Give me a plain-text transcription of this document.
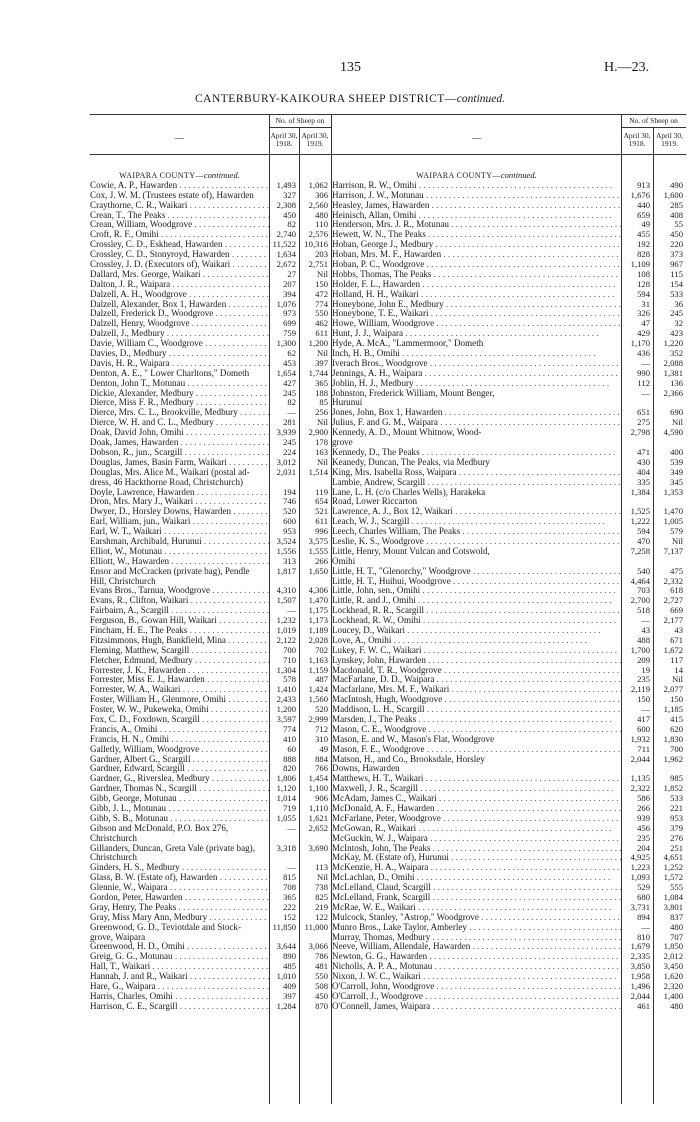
135	H.—23.
CANTERBURY-KAIKOURA SHEEP DISTRICT—continued.
—
No. of Sheep on
April 30,
1918.
April 30,
1919.
—
No. of Sheep on
April 30,
1918.
April 30,
1919.
WAIPARA COUNTY—continued.
Cowie, A. P., Hawarden . . .	1,493	1,062
Cox, J. W. M. (Trustees estate of), Hawarden	327	306
Craythorne, C. R., Waikari . . .	2,308	2,560
Crean, T., The Peaks . . .	450	480
Crean, William, Woodgrove . . .	82	110
Croft, R. F., Omihi . . .	2,740	2,576
Crossley, C. D., Eskhead, Hawarden . . .	11,522 10,316
Crossley, C. D., Stonyroyd, Hawarden . . .	1,634	203
Crossley, J. D. (Executors of), Waikari . . .	2,672	2,751
Dallard, Mrs. George, Waikari . . .	27	Nil
Dalton, J. R., Waipara . . .	207	150
Dalzell, A. H., Woodgrove . . .	394	472
Dalzell, Alexander, Box 1, Hawarden . . .	1,076	774
Dalzell, Frederick D., Woodgrove . . .	973	550
Dalzell, Henry, Woodgrove . . .	699	462
Dalzell, J., Medbury . . .	759	611
Davie, William C., Woodgrove . . .	1,300	1,200
Davies, D., Medbury . . .	62	Nil
Davis, H. R., Waipara . . .	453	397
Denton, A. E., " Lower Charltons," Dometh	1,654	1,744
Denton, John T., Motunau . . .	427	365
Dickie, Alexander, Medbury . . .	245	188
Dierce, Miss F. R., Medbury . . .	82	85
Dierce, Mrs. C. L., Brookville, Medbury . . .	—	256
Dierce, W. H. and C. L., Medbury . . .	281	Nil
Doak, David John, Omihi . . .	3,939	2,900
Doak, James, Hawarden . . .	245	178
Dobson, R., jun., Scargill . . .	224	163
Douglas, James, Basin Farm, Waikari . . .	3,012	Nil
Douglas, Mrs. Alice M., Waikari (postal ad-	2,031	1,514
dress, 46 Hackthorne Road, Christchurch)
Doyle, Lawrence, Hawarden . . .	194	119
Dron, Mrs. Mary J., Waikari . . .	746	654
Dwyer, D., Horsley Downs, Hawarden . . .	520	521
Earl, William, jun., Waikari . . .	600	611
Earl, W. T., Waikari . . .	953	996
Earshman, Archibald, Hurunui . . .	3,524	3,575
Elliot, W., Motunau . . .	1,556	1,555
Elliott, W., Hawarden . . .	313	266
Ensor and McCracken (private bag), Pendle	1,817	1,650
Hill, Christchurch
Evans Bros., Tarnua, Woodgrove . . .	4,310	4,306
Evans, R., Clifton, Waikari . . .	1,507	1,470
Fairbairn, A., Scargill . . .	—	1,175
Ferguson, B., Gowan Hill, Waikari . . .	1,232	1,173
Fincham, H. E., The Peaks . . .	1,019	1,189
Fitzsimmons, Hugh, Bankfield, Mina . . .	2,122	2,028
Fleming, Matthew, Scargill . . .	700	702
Fletcher, Edmund, Medbury . . .	710	1,163
Forrester, J. K., Hawarden . . .	1,304	1,159
Forrester, Miss E. J., Hawarden . . .	578	487
Forrester, W. A., Waikari . . .	1,410	1,424
Foster, William H., Glenmore, Omihi . . .	2,433	1,560
Foster, W. W., Pukeweka, Omihi . . .	1,200	520
Fox, C. D., Foxdown, Scargill . . .	3,597	2,999
Francis, A., Omihi . . .	774	712
Francis, H. N., Omihi . . .	410	310
Galletly, William, Woodgrove . . .	60	49
Gardner, Albert G., Scargill . . .	888	884
Gardner, Edward, Scargill . . .	820	766
Gardner, G., Riverslea, Medbury . . .	1,806	1,454
Gardner, Thomas N., Scargill . . .	1,120	1,100
Gibb, George, Motunau . . .	1,014	906
Gibb, J. L., Motunau . . .	719	1,110
Gibb, S. B., Motunau . . .	1,055	1,621
Gibson and McDonald, P.O. Box 276,	—	2,652
Christchurch
Gillanders, Duncan, Greta Vale (private bag),	3,318	3,690
Christchurch
Ginders, H. S., Medbury . . .	—	113
Glass, B. W. (Estate of), Hawarden . . .	815	Nil
Glennie, W., Waipara . . .	708	738
Gordon, Peter, Hawarden . . .	365	825
Gray, Henry, The Peaks . . .	222	219
Gray, Miss Mary Ann, Medbury . . .	152	122
Greenwood, G. D., Teviotdale and Stock-	11,850	11,000
grove, Waipara
Greenwood, H. D., Omihi . . .	3,644	3,066
Greig, G. G., Motunau . . .	890	786
Hall, T., Waikari . . .	485	481
Hannah, J. and R., Waikari . . .	1,010	550
Hare, G., Waipara . . .	409	508
Harris, Charles, Omihi . . .	397	450
Harrison, C. E., Scargill . . .	1,284	870
WAIPARA COUNTY—continued.
Harrison, R. W., Omihi . . .	913	490
Harrison, J. W., Motunau . . .	1,676	1,600
Heasley, James, Hawarden . . .	440	285
Heinisch, Allan, Omihi . . .	659	408
Henderson, Mrs. J. R., Motunau . . .	49	55
Hewett, W. N., The Peaks . . .	455	450
Hoban, George J., Medbury . . .	192	220
Hoban, Mrs. M. F., Hawarden . . .	828	373
Hoban, P. C., Woodgrove . . .	1,109	967
Hobbs, Thomas, The Peaks . . .	108	115
Holder, F. L., Hawarden . . .	128	154
Holland, H. H., Waikari . . .	594	533
Honeybone, John E., Medbury . . .	31	36
Honeybone, T. E., Waikari . . .	326	245
Howe, William, Woodgrove . . .	47	32
Hunt, J. J., Waipara . . .	429	423
Hyde, A. McA., "Lammermoor," Dometh	1,170	1,220
Inch, H. B., Omihi . . .	436	352
Iverach Bros., Woodgrove . . .	—	2,088
Jennings, A. H., Waipara . . .	990	1,381
Joblin, H. J., Medbury . . .	112	136
Johnston, Frederick William, Mount Benger,	—	2,366
Hurunui
Jones, John, Box 1, Hawarden . . .	651	690
Julius, F. and G. M., Waipara . . .	275	Nil
Kennedy, A. D., Mount Whitnow, Wood-	2,798	4,590
grove
Kennedy, D., The Peaks . . .	471	400
Keanedy, Duncan, The Peaks, via Medbury	430	539
King, Mrs. Isabella Ross, Waipara . . .	404	349
Lambie, Andrew, Scargill . . .	335	345
Lane, L. H. (c/o Charles Wells), Harakeka	1,384	1,353
Road, Lower Riccarton
Lawrence, A. J., Box 12, Waikari . . .	1,525	1,470
Leach, W. J., Scargill . . .	1,222	1,005
Leech, Charles William, The Peaks . . .	594	579
Leslie, K. S., Woodgrove . . .	470	Nil
Little, Henry, Mount Vulcan and Cotswold,	7,258	7,137
Omihi
Little, H. T., "Glenorchy," Woodgrove . . .	540	475
Little, H. T., Huihui, Woodgrove . . .	4,464	2,332
Little, John, sen., Omihi . . .	703	618
Little, R. and J., Omihi . . .	2,700	2,727
Lockhead, R. R., Scargill . . .	518	669
Lockhead, R. W., Omihi . . .	—	2,177
Loucey, D., Waikari . . .	43	43
Love, A., Omihi . . .	488	671
Lukey, F. W. C., Waikari . . .	1,700	1,672
Lynskey, John, Hawarden . . .	209	117
Macdonald, T. R., Woodgrove . . .	19	14
MacFarlane, D. D., Waipara . . .	235	Nil
Macfarlane, Mrs. M. F., Waikari . . .	2,119	2,077
MacIntosh, Hugh, Woodgrove . . .	150	150
Maddison, L. H., Scargill . . .	—	1,185
Marsden, J., The Peaks . . .	417	415
Mason, C. E., Woodgrove . . .	600	620
Mason, E. and W., Mason's Flat, Woodgrove	1,932	1,830
Mason, F. E., Woodgrove . . .	711	700
Matson, H., and Co., Brooksdale, Horsley	2,044	1,962
Downs, Hawarden
Matthews, H. T., Waikari . . .	1,135	985
Maxwell, J. R., Scargill . . .	2,322	1,852
McAdam, James C., Waikari . . .	586	533
McDonald, A. F., Hawarden . . .	266	221
McFarlane, Peter, Woodgrove . . .	939	953
McGowan, R., Waikari . . .	456	379
McGuckin, W. J., Waipara . . .	235	276
McIntosh, John, The Peaks . . .	204	251
McKay, M. (Estate of), Hurunui . . .	4,925	4,651
McKenzie, H. A., Waipara . . .	1,223	1,252
McLachlan, D., Omihi . . .	1,093	1,572
McLelland, Claud, Scargill . . .	529	555
McLelland, Frank, Scargill . . .	680	1,084
McRae, W. E., Waikari . . .	3,731	3,801
Mulcock, Stanley, "Astrop," Woodgrove . . .	894	837
Munro Bros., Lake Taylor, Amberley . . .	—	480
Murray, Thomas, Medbury . . .	810	707
Neeve, William, Allendale, Hawarden . . .	1,679	1,850
Newton, G. G., Hawarden . . .	2,335	2,012
Nicholls, A. P. A., Motunau . . .	3,850	3,450
Nixon, J. W. C., Waikari . . .	1,958	1,620
O'Carroll, John, Woodgrove . . .	1,496	2,320
O'Carroll, J., Woodgrove . . .	2,044	1,400
O'Connell, James, Waipara . . .	461	480
